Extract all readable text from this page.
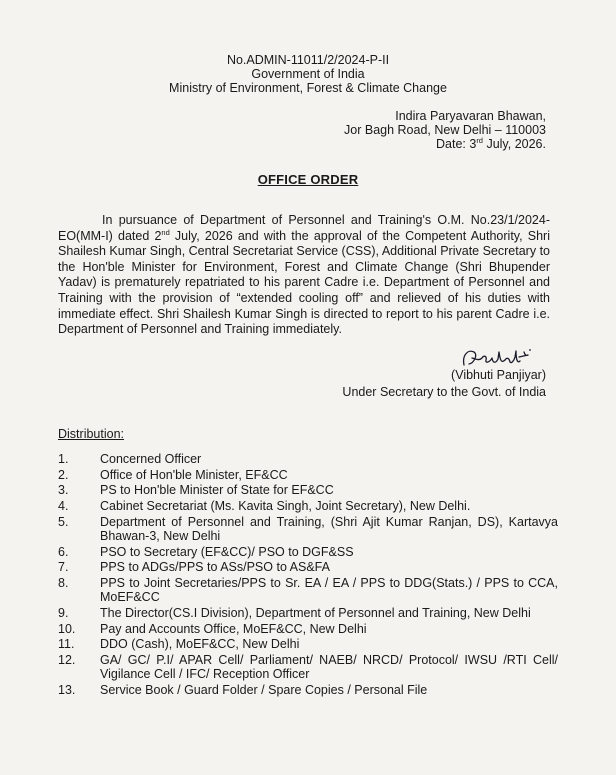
No.ADMIN-11011/2/2024-P-II
Government of India
Ministry of Environment, Forest & Climate Change
Indira Paryavaran Bhawan,
Jor Bagh Road, New Delhi – 110003
Date: 3rd July, 2026.
OFFICE ORDER
In pursuance of Department of Personnel and Training's O.M. No.23/1/2024-EO(MM-I) dated 2nd July, 2026 and with the approval of the Competent Authority, Shri Shailesh Kumar Singh, Central Secretariat Service (CSS), Additional Private Secretary to the Hon'ble Minister for Environment, Forest and Climate Change (Shri Bhupender Yadav) is prematurely repatriated to his parent Cadre i.e. Department of Personnel and Training with the provision of “extended cooling off” and relieved of his duties with immediate effect. Shri Shailesh Kumar Singh is directed to report to his parent Cadre i.e. Department of Personnel and Training immediately.
(Vibhuti Panjiyar)
Under Secretary to the Govt. of India
Distribution:
1.	Concerned Officer
2.	Office of Hon'ble Minister, EF&CC
3.	PS to Hon'ble Minister of State for EF&CC
4.	Cabinet Secretariat (Ms. Kavita Singh, Joint Secretary), New Delhi.
5.	Department of Personnel and Training, (Shri Ajit Kumar Ranjan, DS), Kartavya Bhawan-3, New Delhi
6.	PSO to Secretary (EF&CC)/ PSO to DGF&SS
7.	PPS to ADGs/PPS to ASs/PSO to AS&FA
8.	PPS to Joint Secretaries/PPS to Sr. EA / EA / PPS to DDG(Stats.) / PPS to CCA, MoEF&CC
9.	The Director(CS.I Division), Department of Personnel and Training, New Delhi
10.	Pay and Accounts Office, MoEF&CC, New Delhi
11.	DDO (Cash), MoEF&CC, New Delhi
12.	GA/ GC/ P.I/ APAR Cell/ Parliament/ NAEB/ NRCD/ Protocol/ IWSU /RTI Cell/ Vigilance Cell / IFC/ Reception Officer
13.	Service Book / Guard Folder / Spare Copies / Personal File
